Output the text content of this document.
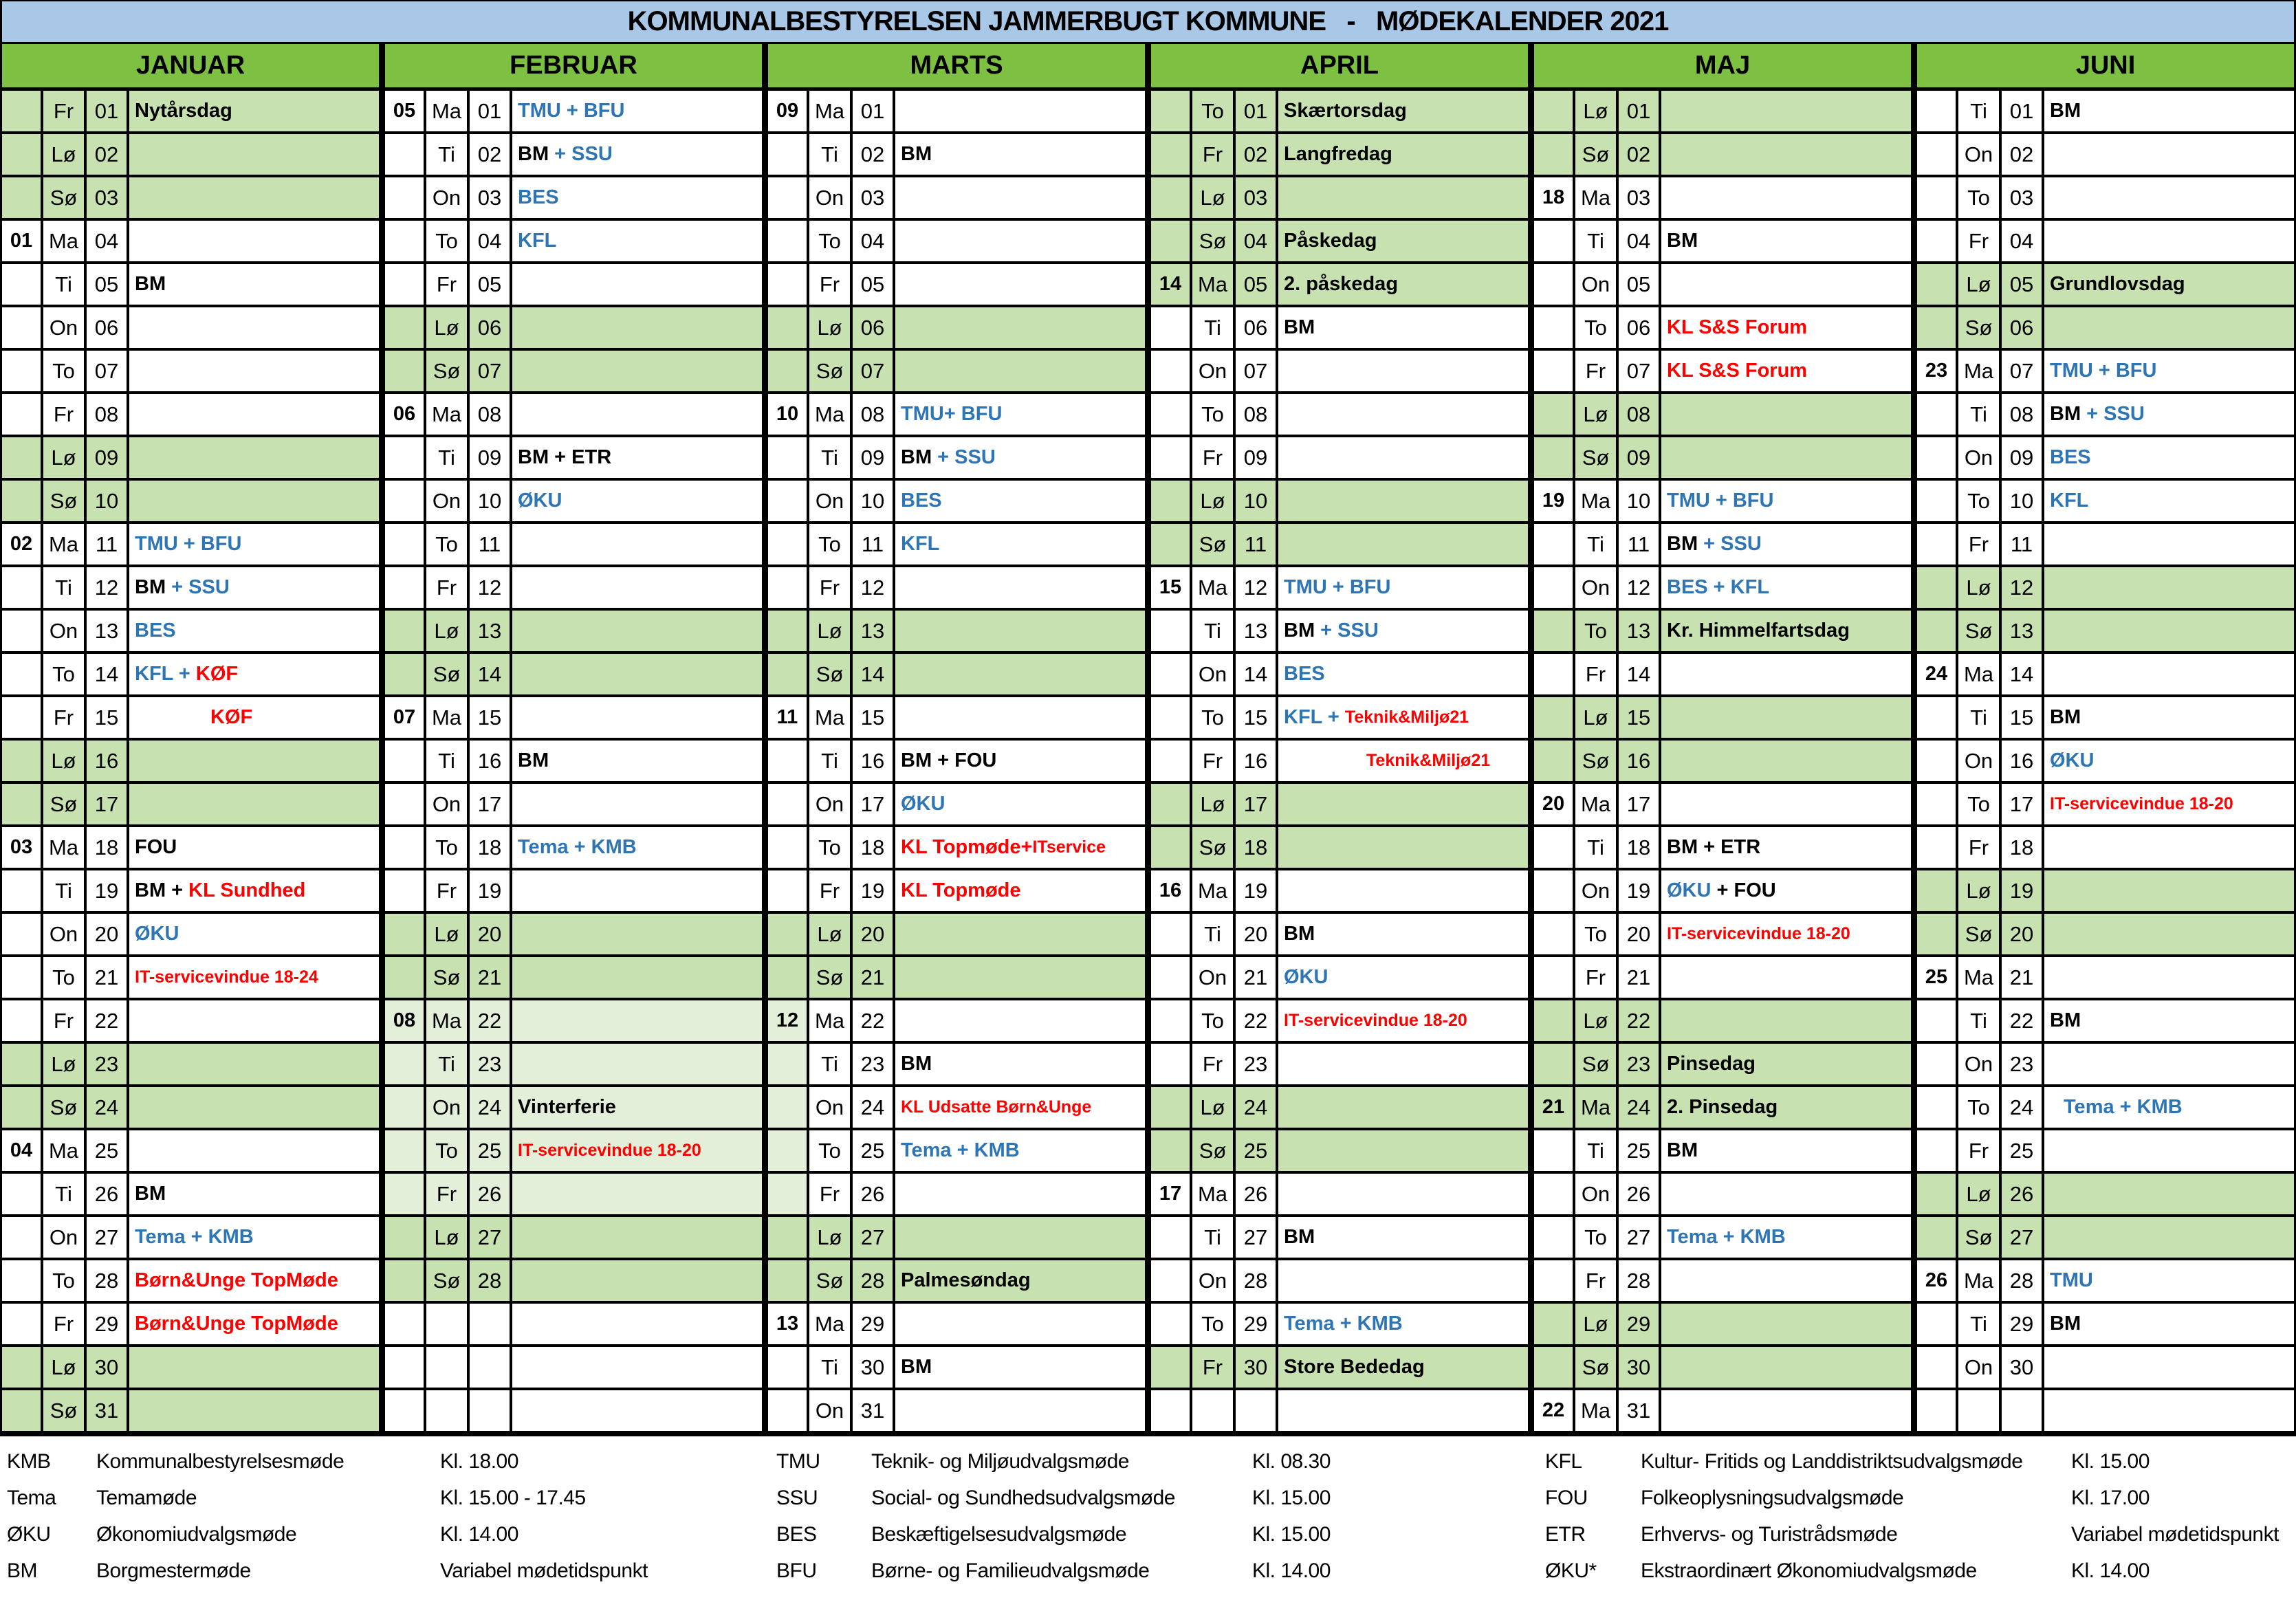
KOMMUNALBESTYRELSEN JAMMERBUGT KOMMUNE   -   MØDEKALENDER 2021
JANUAR	FEBRUAR	MARTS	APRIL	MAJ	JUNI
Fr 01 Nytårsdag
Lø 02
Sø 03
01 Ma 04
Ti	05 BM
On 06
To 07
Fr 08
Lø 09
Sø 10
02 Ma 11 TMU + BFU
Ti	12 BM + SSU
On 13 BES
To 14 KFL + KØF
Fr 15	KØF
Lø 16
Sø 17
03 Ma 18 FOU
Ti	19 BM + KL Sundhed
On 20 ØKU
To 21 IT-servicevindue 18-24
Fr 22
Lø 23
Sø 24
04 Ma 25
Ti	26 BM
On 27 Tema + KMB
To 28 Børn&Unge TopMøde
Fr 29 Børn&Unge TopMøde
Lø 30
Sø 31
05 Ma 01 TMU + BFU
Ti	02 BM + SSU
On 03 BES
To 04 KFL
Fr 05
Lø 06
Sø 07
06 Ma 08
Ti	09 BM + ETR
On 10 ØKU
To 11
Fr 12
Lø 13
Sø 14
07 Ma 15
Ti	16 BM
On 17
To 18 Tema + KMB
Fr 19
Lø 20
Sø 21
08 Ma 22
Ti	23
On 24 Vinterferie
To 25 IT-servicevindue 18-20
Fr 26
Lø 27
Sø 28
09 Ma 01
Ti	02 BM
On 03
To 04
Fr 05
Lø 06
Sø 07
10 Ma 08 TMU+ BFU
Ti	09 BM + SSU
On 10 BES
To 11 KFL
Fr 12
Lø 13
Sø 14
11 Ma 15
Ti	16 BM + FOU
On 17 ØKU
To 18 KL Topmøde+ ITservice
Fr 19 KL Topmøde
Lø 20
Sø 21
12 Ma 22
Ti	23 BM
On 24 KL Udsatte Børn&Unge
To 25 Tema + KMB
Fr 26
Lø 27
Sø 28 Palmesøndag
13 Ma 29
Ti	30 BM
On 31
To 01 Skærtorsdag
Fr 02 Langfredag
Lø 03
Sø 04 Påskedag
14 Ma 05 2. påskedag
Ti	06 BM
On 07
To 08
Fr 09
Lø 10
Sø 11
15 Ma 12 TMU + BFU
Ti	13 BM + SSU
On 14 BES
To 15 KFL + Teknik&Miljø21
Fr 16	Teknik&Miljø21
Lø 17
Sø 18
16 Ma 19
Ti	20 BM
On 21 ØKU
To 22 IT-servicevindue 18-20
Fr 23
Lø 24
Sø 25
17 Ma 26
Ti	27 BM
On 28
To 29 Tema + KMB
Fr 30 Store Bededag
Lø 01
Sø 02
18 Ma 03
Ti	04 BM
On 05
To 06 KL S&S Forum
Fr 07 KL S&S Forum
Lø 08
Sø 09
19 Ma 10 TMU + BFU
Ti	11 BM + SSU
On 12 BES + KFL
To 13 Kr. Himmelfartsdag
Fr 14
Lø 15
Sø 16
20 Ma 17
Ti	18 BM + ETR
On 19 ØKU + FOU
To 20 IT-servicevindue 18-20
Fr 21
Lø 22
Sø 23 Pinsedag
21 Ma 24 2. Pinsedag
Ti	25 BM
On 26
To 27 Tema + KMB
Fr 28
Lø 29
Sø 30
22 Ma 31
Ti	01 BM
On 02
To 03
Fr 04
Lø 05 Grundlovsdag
Sø 06
23 Ma 07 TMU + BFU
Ti	08 BM + SSU
On 09 BES
To 10 KFL
Fr	11
Lø 12
Sø 13
24 Ma 14
Ti	15 BM
On 16 ØKU
To 17 IT-servicevindue 18-20
Fr 18
Lø 19
Sø 20
25 Ma 21
Ti	22 BM
On 23
To 24	Tema + KMB
Fr 25
Lø 26
Sø 27
26 Ma 28 TMU
Ti	29 BM
On 30
KMB Kommunalbestyrelsesmøde	Kl. 18.00
Tema Temamøde	Kl. 15.00 - 17.45
ØKU Økonomiudvalgsmøde	Kl. 14.00
BM	Borgmestermøde	Variabel mødetidspunkt
TMU Teknik- og Miljøudvalgsmøde	Kl. 08.30
SSU	Social- og Sundhedsudvalgsmøde	Kl. 15.00
BES	Beskæftigelsesudvalgsmøde	Kl. 15.00
BFU	Børne- og Familieudvalgsmøde	Kl. 14.00
KFL	Kultur- Fritids og Landdistriktsudvalgsmøde Kl. 15.00
FOU	Folkeoplysningsudvalgsmøde	Kl. 17.00
ETR	Erhvervs- og Turistrådsmøde	Variabel mødetidspunkt
ØKU* Ekstraordinært Økonomiudvalgsmøde	Kl. 14.00
